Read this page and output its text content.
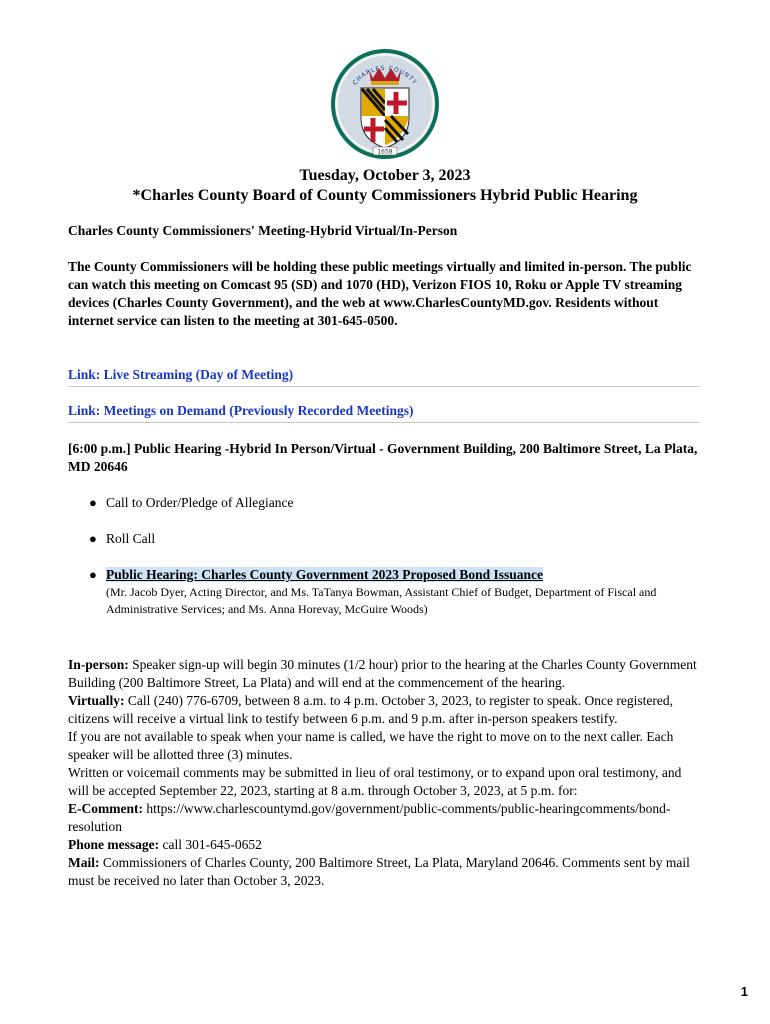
1658
CHARLES COUNTY
Tuesday, October 3, 2023
*Charles County Board of County Commissioners Hybrid Public Hearing
Charles County Commissioners' Meeting-Hybrid Virtual/In-Person
The County Commissioners will be holding these public meetings virtually and limited in-person. The public can watch this meeting on Comcast 95 (SD) and 1070 (HD), Verizon FIOS 10, Roku or Apple TV streaming devices (Charles County Government), and the web at www.CharlesCountyMD.gov. Residents without internet service can listen to the meeting at 301-645-0500.
Link: Live Streaming (Day of Meeting)
Link: Meetings on Demand (Previously Recorded Meetings)
[6:00 p.m.] Public Hearing -Hybrid In Person/Virtual - Government Building, 200 Baltimore Street, La Plata, MD 20646
● Call to Order/Pledge of Allegiance
● Roll Call
● Public Hearing: Charles County Government 2023 Proposed Bond Issuance
(Mr. Jacob Dyer, Acting Director, and Ms. TaTanya Bowman, Assistant Chief of Budget, Department of Fiscal and Administrative Services; and Ms. Anna Horevay, McGuire Woods)
In-person: Speaker sign-up will begin 30 minutes (1/2 hour) prior to the hearing at the Charles County Government Building (200 Baltimore Street, La Plata) and will end at the commencement of the hearing.
Virtually: Call (240) 776-6709, between 8 a.m. to 4 p.m. October 3, 2023, to register to speak. Once registered, citizens will receive a virtual link to testify between 6 p.m. and 9 p.m. after in-person speakers testify.
If you are not available to speak when your name is called, we have the right to move on to the next caller. Each speaker will be allotted three (3) minutes.
Written or voicemail comments may be submitted in lieu of oral testimony, or to expand upon oral testimony, and will be accepted September 22, 2023, starting at 8 a.m. through October 3, 2023, at 5 p.m. for:
E-Comment: https://www.charlescountymd.gov/government/public-comments/public-hearingcomments/bond-resolution
Phone message: call 301-645-0652
Mail: Commissioners of Charles County, 200 Baltimore Street, La Plata, Maryland 20646. Comments sent by mail must be received no later than October 3, 2023.
1
